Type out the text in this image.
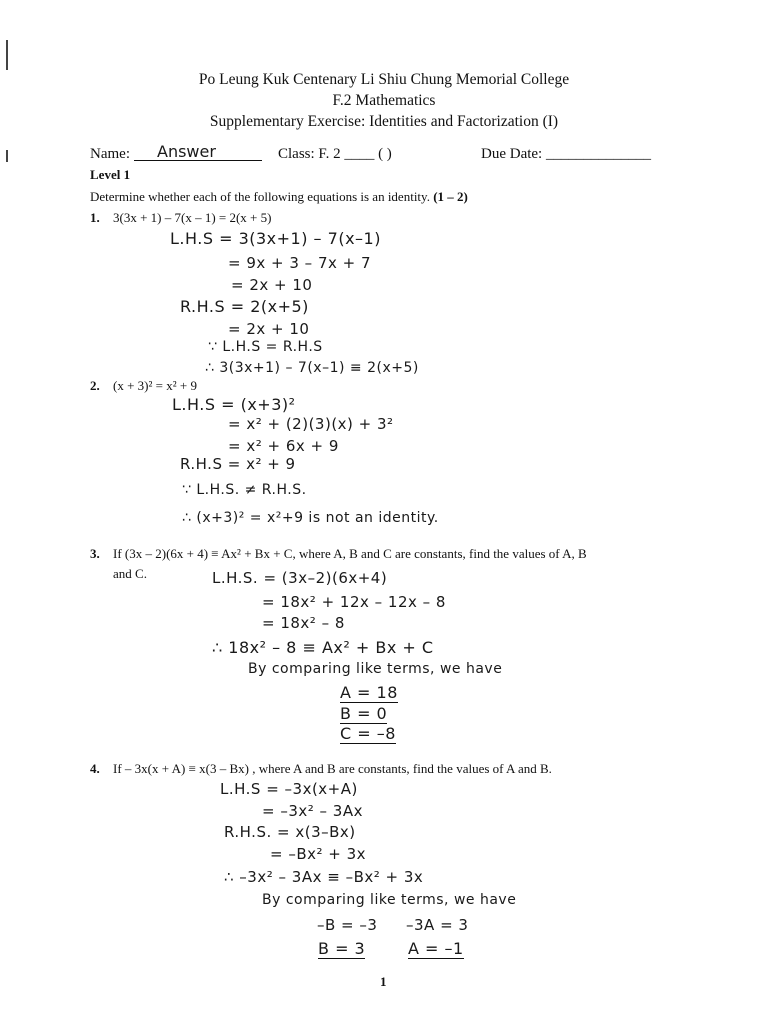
Po Leung Kuk Centenary Li Shiu Chung Memorial College
F.2 Mathematics
Supplementary Exercise: Identities and Factorization (I)
Name: Answer	Class: F. 2 ____ ( )	Due Date: ______________
Level 1
Determine whether each of the following equations is an identity. (1 – 2)
1. 3(3x + 1) – 7(x – 1) = 2(x + 5)
L.H.S = 3(3x+1) – 7(x–1)
= 9x + 3 – 7x + 7
= 2x + 10
R.H.S = 2(x+5)
= 2x + 10
∵ L.H.S = R.H.S
∴ 3(3x+1) – 7(x–1) ≡ 2(x+5)
2. (x + 3)² = x² + 9
L.H.S = (x+3)²
= x² + (2)(3)(x) + 3²
= x² + 6x + 9
R.H.S = x² + 9
∵ L.H.S. ≠ R.H.S.
∴ (x+3)² = x²+9 is not an identity.
3. If (3x – 2)(6x + 4) ≡ Ax² + Bx + C, where A, B and C are constants, find the values of A, B
and C.	L.H.S. = (3x–2)(6x+4)
= 18x² + 12x – 12x – 8
= 18x² – 8
∴ 18x² – 8 ≡ Ax² + Bx + C
By comparing like terms, we have
A = 18
B = 0
C = –8
4. If – 3x(x + A) ≡ x(3 – Bx) , where A and B are constants, find the values of A and B.
L.H.S = –3x(x+A)
= –3x² – 3Ax
R.H.S. = x(3–Bx)
= –Bx² + 3x
∴ –3x² – 3Ax ≡ –Bx² + 3x
By comparing like terms, we have
–B = –3 –3A = 3
B = 3	A = –1
1
